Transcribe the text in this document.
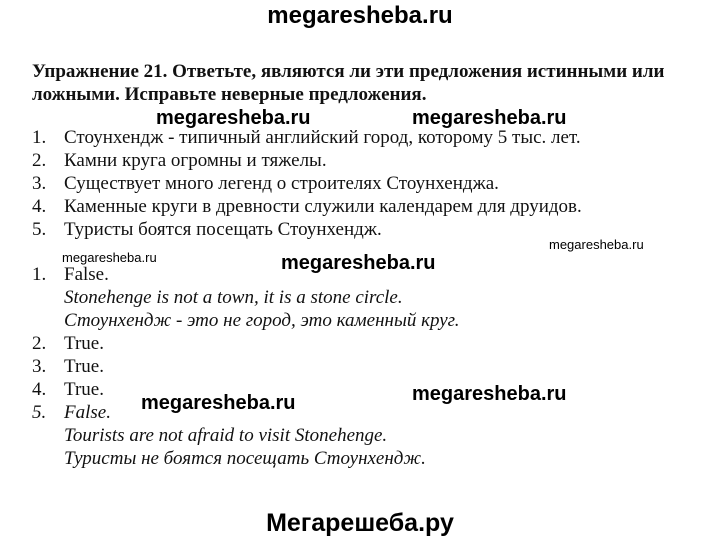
megaresheba.ru
Упражнение 21. Ответьте, являются ли эти предложения истинными или ложными. Исправьте неверные предложения.
1. Стоунхендж - типичный английский город, которому 5 тыс. лет.
2. Камни круга огромны и тяжелы.
3. Существует много легенд о строителях Стоунхенджа.
4. Каменные круги в древности служили календарем для друидов.
5. Туристы боятся посещать Стоунхендж.
1. False.
Stonehenge is not a town, it is a stone circle.
Стоунхендж - это не город, это каменный круг.
2. True.
3. True.
4. True.
5. False.
Tourists are not afraid to visit Stonehenge.
Туристы не боятся посещать Стоунхендж.
megaresheba.ru	megaresheba.ru
megaresheba.ru
megaresheba.ru	megaresheba.ru
megaresheba.ru
megaresheba.ru
Мегарешеба.ру
